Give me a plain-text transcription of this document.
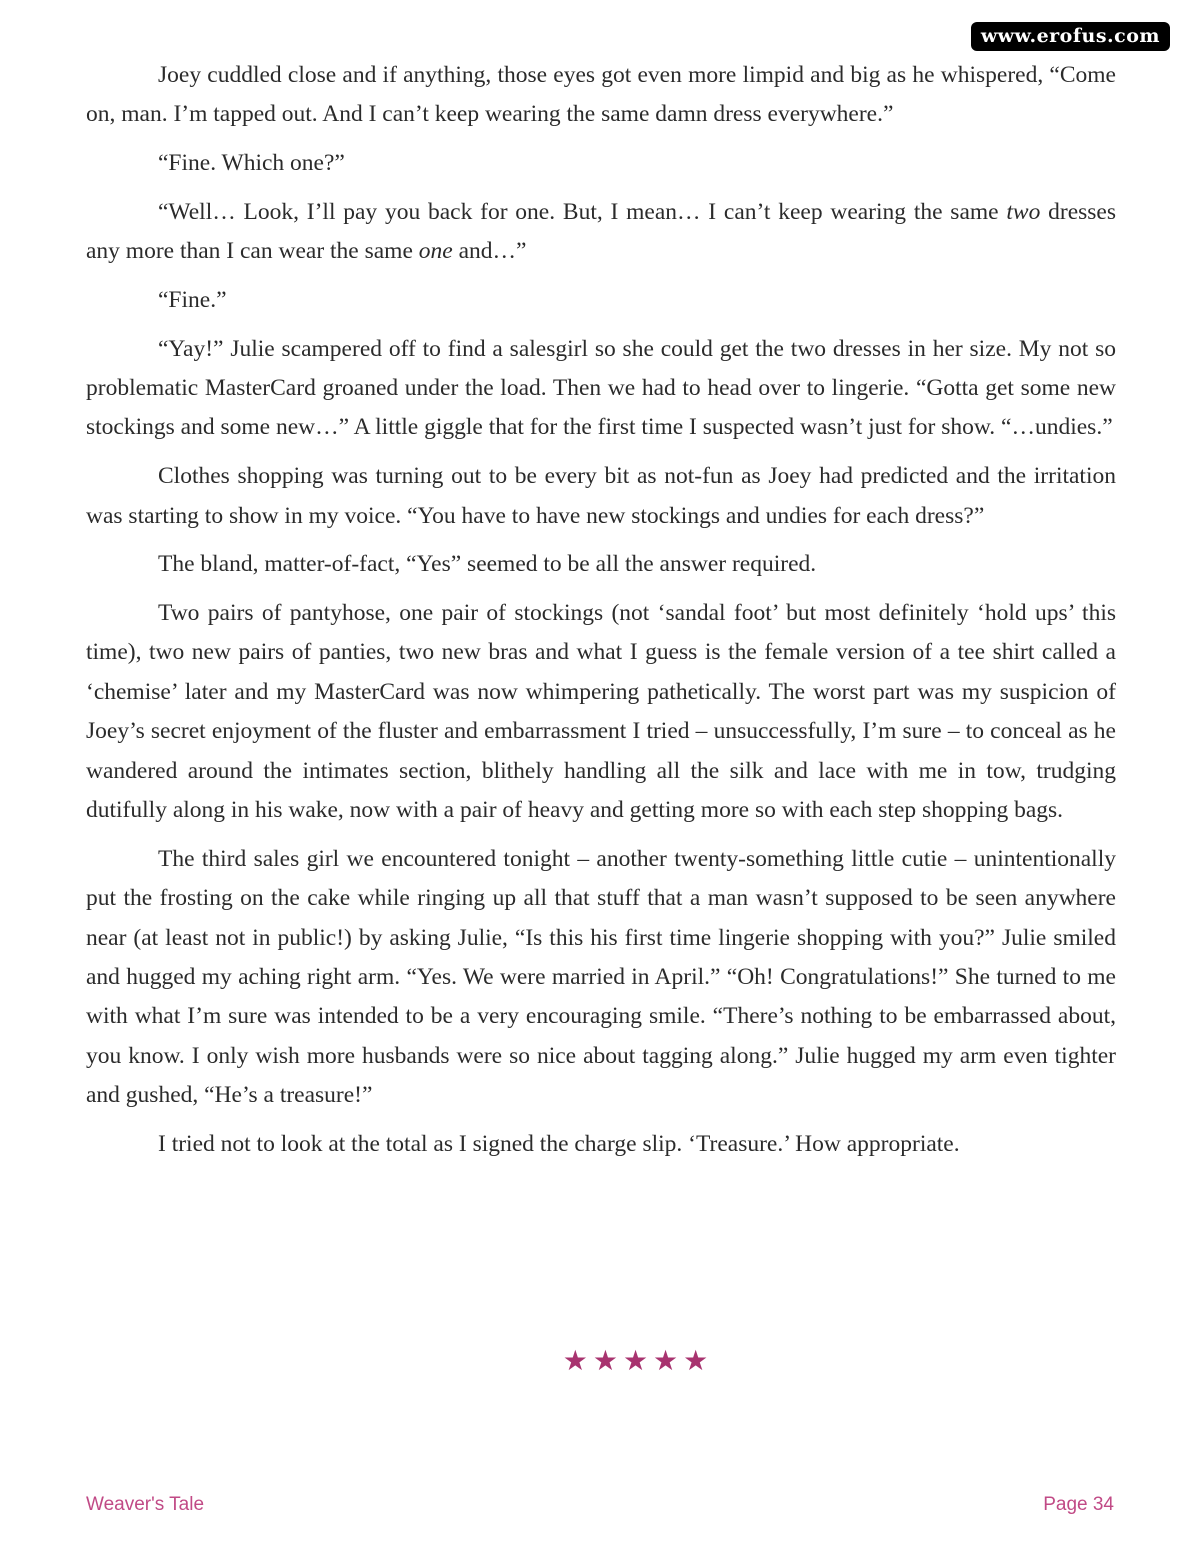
www.erofus.com

Joey cuddled close and if anything, those eyes got even more limpid and big as he whispered, “Come on, man. I’m tapped out. And I can’t keep wearing the same damn dress everywhere.”

“Fine. Which one?”

“Well… Look, I’ll pay you back for one. But, I mean… I can’t keep wearing the same two dresses any more than I can wear the same one and…”

“Fine.”

“Yay!” Julie scampered off to find a salesgirl so she could get the two dresses in her size. My not so problematic MasterCard groaned under the load. Then we had to head over to lingerie. “Gotta get some new stockings and some new…” A little giggle that for the first time I suspected wasn’t just for show. “…undies.”

Clothes shopping was turning out to be every bit as not-fun as Joey had predicted and the irritation was starting to show in my voice. “You have to have new stockings and undies for each dress?”

The bland, matter-of-fact, “Yes” seemed to be all the answer required.

Two pairs of pantyhose, one pair of stockings (not ‘sandal foot’ but most definitely ‘hold ups’ this time), two new pairs of panties, two new bras and what I guess is the female version of a tee shirt called a ‘chemise’ later and my MasterCard was now whimpering pathetically. The worst part was my suspicion of Joey’s secret enjoyment of the fluster and embarrassment I tried – unsuccessfully, I’m sure – to conceal as he wandered around the intimates section, blithely handling all the silk and lace with me in tow, trudging dutifully along in his wake, now with a pair of heavy and getting more so with each step shopping bags.

The third sales girl we encountered tonight – another twenty-something little cutie – unintentionally put the frosting on the cake while ringing up all that stuff that a man wasn’t supposed to be seen anywhere near (at least not in public!) by asking Julie, “Is this his first time lingerie shopping with you?” Julie smiled and hugged my aching right arm. “Yes. We were married in April.” “Oh! Congratulations!” She turned to me with what I’m sure was intended to be a very encouraging smile. “There’s nothing to be embarrassed about, you know. I only wish more husbands were so nice about tagging along.” Julie hugged my arm even tighter and gushed, “He’s a treasure!”

I tried not to look at the total as I signed the charge slip. ‘Treasure.’ How appropriate.

★★★★★
Weaver's Tale	Page 34
